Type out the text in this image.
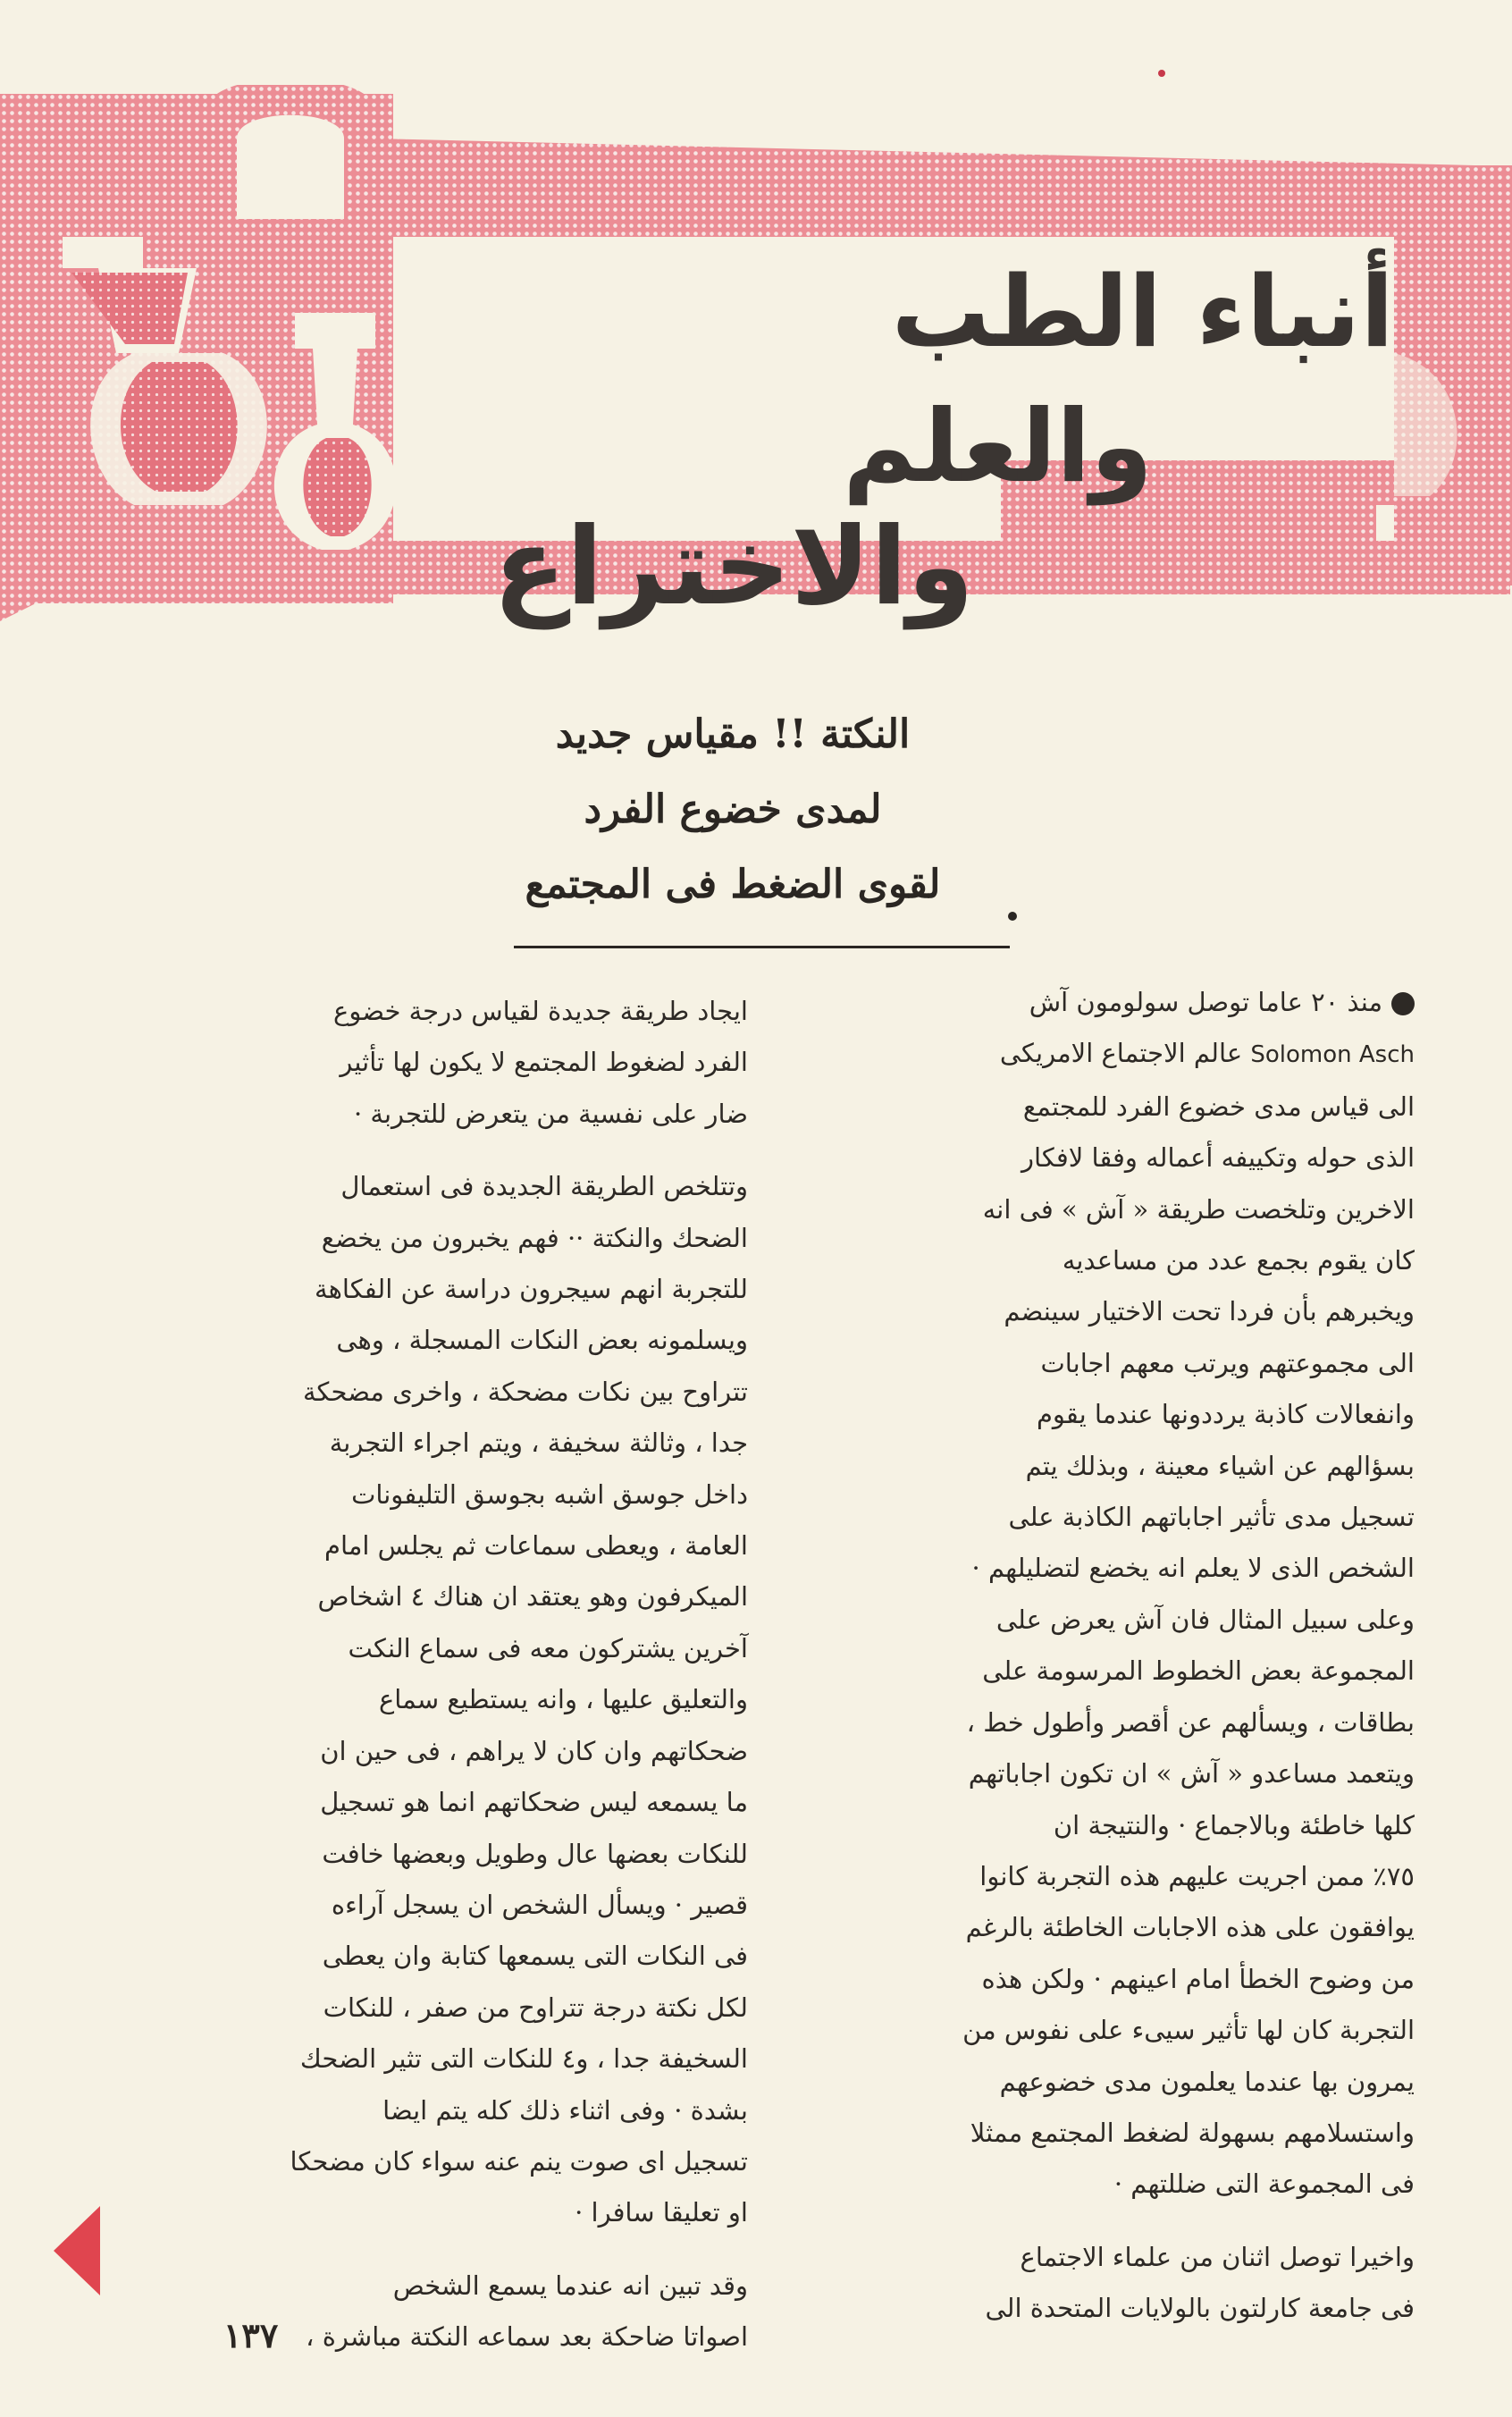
أنباء الطب
والعلم
والاختراع
النكتة !! مقياس جديد
لمدى خضوع الفرد
لقوى الضغط فى المجتمع

منذ ٢٠ عاما توصل سولومون آش
Solomon Asch عالم الاجتماع الامريكى
الى قياس مدى خضوع الفرد للمجتمع
الذى حوله وتكييفه أعماله وفقا لافكار
الاخرين وتلخصت طريقة « آش » فى انه
كان يقوم بجمع عدد من مساعديه
ويخبرهم بأن فردا تحت الاختيار سينضم
الى مجموعتهم ويرتب معهم اجابات
وانفعالات كاذبة يرددونها عندما يقوم
بسؤالهم عن اشياء معينة ، وبذلك يتم
تسجيل مدى تأثير اجاباتهم الكاذبة على
الشخص الذى لا يعلم انه يخضع لتضليلهم ·
وعلى سبيل المثال فان آش يعرض على
المجموعة بعض الخطوط المرسومة على
بطاقات ، ويسألهم عن أقصر وأطول خط ،
ويتعمد مساعدو « آش » ان تكون اجاباتهم
كلها خاطئة وبالاجماع · والنتيجة ان
٧٥٪ ممن اجريت عليهم هذه التجربة كانوا
يوافقون على هذه الاجابات الخاطئة بالرغم
من وضوح الخطأ امام اعينهم · ولكن هذه
التجربة كان لها تأثير سيىء على نفوس من
يمرون بها عندما يعلمون مدى خضوعهم
واستسلامهم بسهولة لضغط المجتمع ممثلا
فى المجموعة التى ضللتهم ·

واخيرا توصل اثنان من علماء الاجتماع
فى جامعة كارلتون بالولايات المتحدة الى

ايجاد طريقة جديدة لقياس درجة خضوع
الفرد لضغوط المجتمع لا يكون لها تأثير
ضار على نفسية من يتعرض للتجربة ·

وتتلخص الطريقة الجديدة فى استعمال
الضحك والنكتة ·· فهم يخبرون من يخضع
للتجربة انهم سيجرون دراسة عن الفكاهة
ويسلمونه بعض النكات المسجلة ، وهى
تتراوح بين نكات مضحكة ، واخرى مضحكة
جدا ، وثالثة سخيفة ، ويتم اجراء التجربة
داخل جوسق اشبه بجوسق التليفونات
العامة ، ويعطى سماعات ثم يجلس امام
الميكرفون وهو يعتقد ان هناك ٤ اشخاص
آخرين يشتركون معه فى سماع النكت
والتعليق عليها ، وانه يستطيع سماع
ضحكاتهم وان كان لا يراهم ، فى حين ان
ما يسمعه ليس ضحكاتهم انما هو تسجيل
للنكات بعضها عال وطويل وبعضها خافت
قصير · ويسأل الشخص ان يسجل آراءه
فى النكات التى يسمعها كتابة وان يعطى
لكل نكتة درجة تتراوح من صفر ، للنكات
السخيفة جدا ، و٤ للنكات التى تثير الضحك
بشدة · وفى اثناء ذلك كله يتم ايضا
تسجيل اى صوت ينم عنه سواء كان مضحكا
او تعليقا سافرا ·

وقد تبين انه عندما يسمع الشخص
اصواتا ضاحكة بعد سماعه النكتة مباشرة ،

١٣٧
